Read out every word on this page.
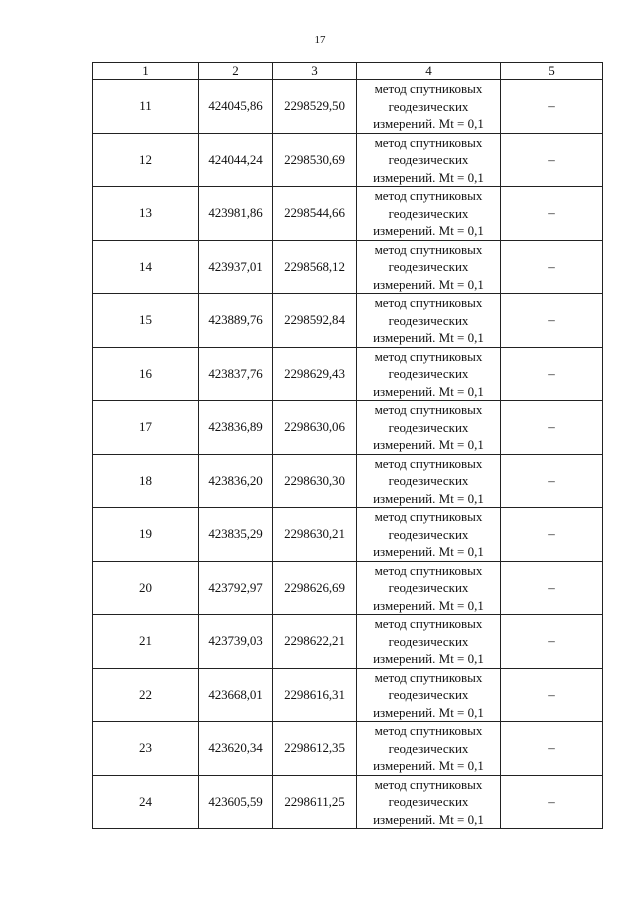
17
1	2	3	4	5
11	424045,86	2298529,50	метод спутниковых
геодезических
измерений. Mt = 0,1	–
12	424044,24	2298530,69	метод спутниковых
геодезических
измерений. Mt = 0,1	–
13	423981,86	2298544,66	метод спутниковых
геодезических
измерений. Mt = 0,1	–
14	423937,01	2298568,12	метод спутниковых
геодезических
измерений. Mt = 0,1	–
15	423889,76	2298592,84	метод спутниковых
геодезических
измерений. Mt = 0,1	–
16	423837,76	2298629,43	метод спутниковых
геодезических
измерений. Mt = 0,1	–
17	423836,89	2298630,06	метод спутниковых
геодезических
измерений. Mt = 0,1	–
18	423836,20	2298630,30	метод спутниковых
геодезических
измерений. Mt = 0,1	–
19	423835,29	2298630,21	метод спутниковых
геодезических
измерений. Mt = 0,1	–
20	423792,97	2298626,69	метод спутниковых
геодезических
измерений. Mt = 0,1	–
21	423739,03	2298622,21	метод спутниковых
геодезических
измерений. Mt = 0,1	–
22	423668,01	2298616,31	метод спутниковых
геодезических
измерений. Mt = 0,1	–
23	423620,34	2298612,35	метод спутниковых
геодезических
измерений. Mt = 0,1	–
24	423605,59	2298611,25	метод спутниковых
геодезических
измерений. Mt = 0,1	–
